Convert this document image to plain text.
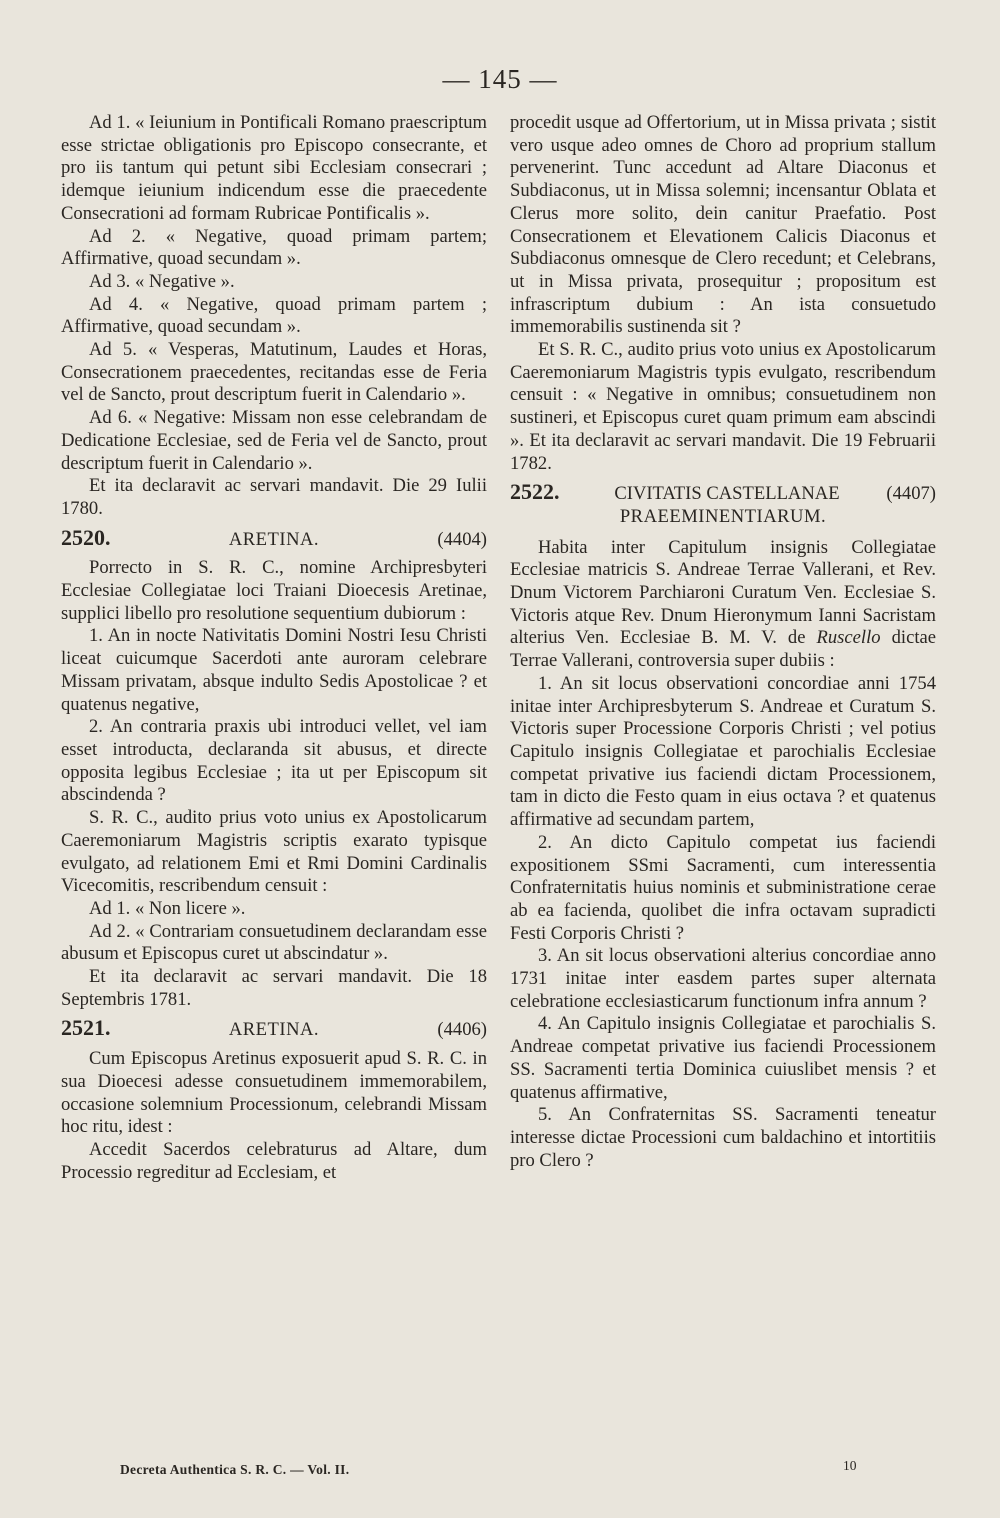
— 145 —

Ad 1. « Ieiunium in Pontificali Romano praescriptum esse strictae obligationis pro Episcopo consecrante, et pro iis tantum qui petunt sibi Ecclesiam consecrari ; idemque ieiunium indicendum esse die praecedente Consecrationi ad formam Rubricae Pontificalis ».

Ad 2. « Negative, quoad primam partem; Affirmative, quoad secundam ».

Ad 3. « Negative ».

Ad 4. « Negative, quoad primam partem ; Affirmative, quoad secundam ».

Ad 5. « Vesperas, Matutinum, Laudes et Horas, Consecrationem praecedentes, recitandas esse de Feria vel de Sancto, prout descriptum fuerit in Calendario ».

Ad 6. « Negative: Missam non esse celebrandam de Dedicatione Ecclesiae, sed de Feria vel de Sancto, prout descriptum fuerit in Calendario ».

Et ita declaravit ac servari mandavit. Die 29 Iulii 1780.

2520.	ARETINA.	(4404)

Porrecto in S. R. C., nomine Archipresbyteri Ecclesiae Collegiatae loci Traiani Dioecesis Aretinae, supplici libello pro resolutione sequentium dubiorum :

1. An in nocte Nativitatis Domini Nostri Iesu Christi liceat cuicumque Sacerdoti ante auroram celebrare Missam privatam, absque indulto Sedis Apostolicae ? et quatenus negative,

2. An contraria praxis ubi introduci vellet, vel iam esset introducta, declaranda sit abusus, et directe opposita legibus Ecclesiae ; ita ut per Episcopum sit abscindenda ?

S. R. C., audito prius voto unius ex Apostolicarum Caeremoniarum Magistris scriptis exarato typisque evulgato, ad relationem Emi et Rmi Domini Cardinalis Vicecomitis, rescribendum censuit :

Ad 1. « Non licere ».

Ad 2. « Contrariam consuetudinem declarandam esse abusum et Episcopus curet ut abscindatur ».

Et ita declaravit ac servari mandavit. Die 18 Septembris 1781.

2521.	ARETINA.	(4406)

Cum Episcopus Aretinus exposuerit apud S. R. C. in sua Dioecesi adesse consuetudinem immemorabilem, occasione solemnium Processionum, celebrandi Missam hoc ritu, idest :

Accedit Sacerdos celebraturus ad Altare, dum Processio regreditur ad Ecclesiam, et

procedit usque ad Offertorium, ut in Missa privata ; sistit vero usque adeo omnes de Choro ad proprium stallum pervenerint. Tunc accedunt ad Altare Diaconus et Subdiaconus, ut in Missa solemni; incensantur Oblata et Clerus more solito, dein canitur Praefatio. Post Consecrationem et Elevationem Calicis Diaconus et Subdiaconus omnesque de Clero recedunt; et Celebrans, ut in Missa privata, prosequitur ; propositum est infrascriptum dubium : An ista consuetudo immemorabilis sustinenda sit ?

Et S. R. C., audito prius voto unius ex Apostolicarum Caeremoniarum Magistris typis evulgato, rescribendum censuit : « Negative in omnibus; consuetudinem non sustineri, et Episcopus curet quam primum eam abscindi ». Et ita declaravit ac servari mandavit. Die 19 Februarii 1782.

2522.	CIVITATIS CASTELLANAE	(4407)
PRAEEMINENTIARUM.

Habita inter Capitulum insignis Collegiatae Ecclesiae matricis S. Andreae Terrae Vallerani, et Rev. Dnum Victorem Parchiaroni Curatum Ven. Ecclesiae S. Victoris atque Rev. Dnum Hieronymum Ianni Sacristam alterius Ven. Ecclesiae B. M. V. de Ruscello dictae Terrae Vallerani, controversia super dubiis :

1. An sit locus observationi concordiae anni 1754 initae inter Archipresbyterum S. Andreae et Curatum S. Victoris super Processione Corporis Christi ; vel potius Capitulo insignis Collegiatae et parochialis Ecclesiae competat privative ius faciendi dictam Processionem, tam in dicto die Festo quam in eius octava ? et quatenus affirmative ad secundam partem,

2. An dicto Capitulo competat ius faciendi expositionem SSmi Sacramenti, cum interessentia Confraternitatis huius nominis et subministratione cerae ab ea facienda, quolibet die infra octavam supradicti Festi Corporis Christi ?

3. An sit locus observationi alterius concordiae anno 1731 initae inter easdem partes super alternata celebratione ecclesiasticarum functionum infra annum ?

4. An Capitulo insignis Collegiatae et parochialis S. Andreae competat privative ius faciendi Processionem SS. Sacramenti tertia Dominica cuiuslibet mensis ? et quatenus affirmative,

5. An Confraternitas SS. Sacramenti teneatur interesse dictae Processioni cum baldachino et intortitiis pro Clero ?

Decreta Authentica S. R. C. — Vol. II.	10
